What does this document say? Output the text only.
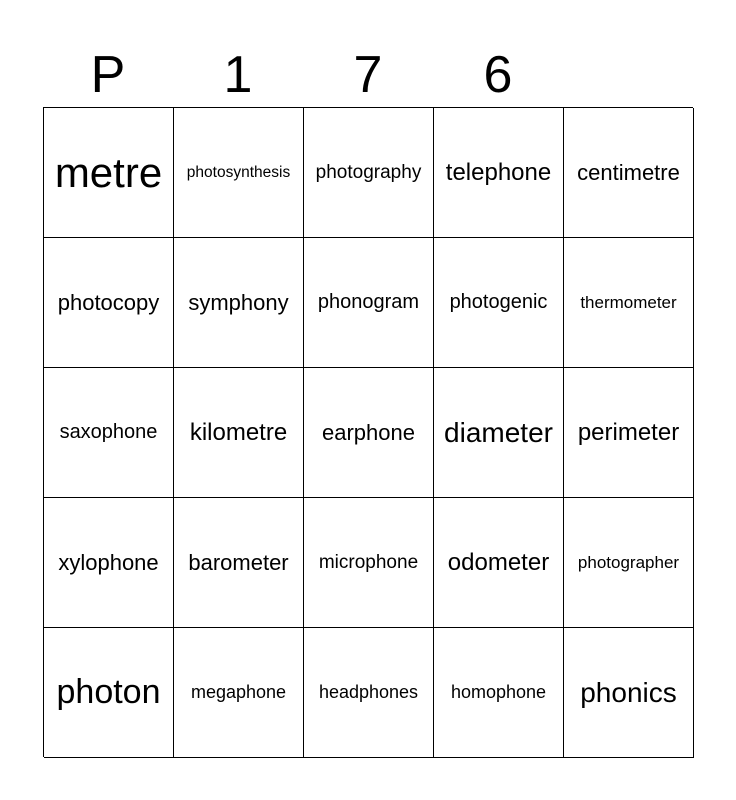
P	1	7	6
metre	photosynthesis	photography	telephone	centimetre
photocopy	symphony	phonogram	photogenic	thermometer
saxophone	kilometre	earphone	diameter	perimeter
xylophone	barometer	microphone	odometer	photographer
photon	megaphone	headphones	homophone	phonics
